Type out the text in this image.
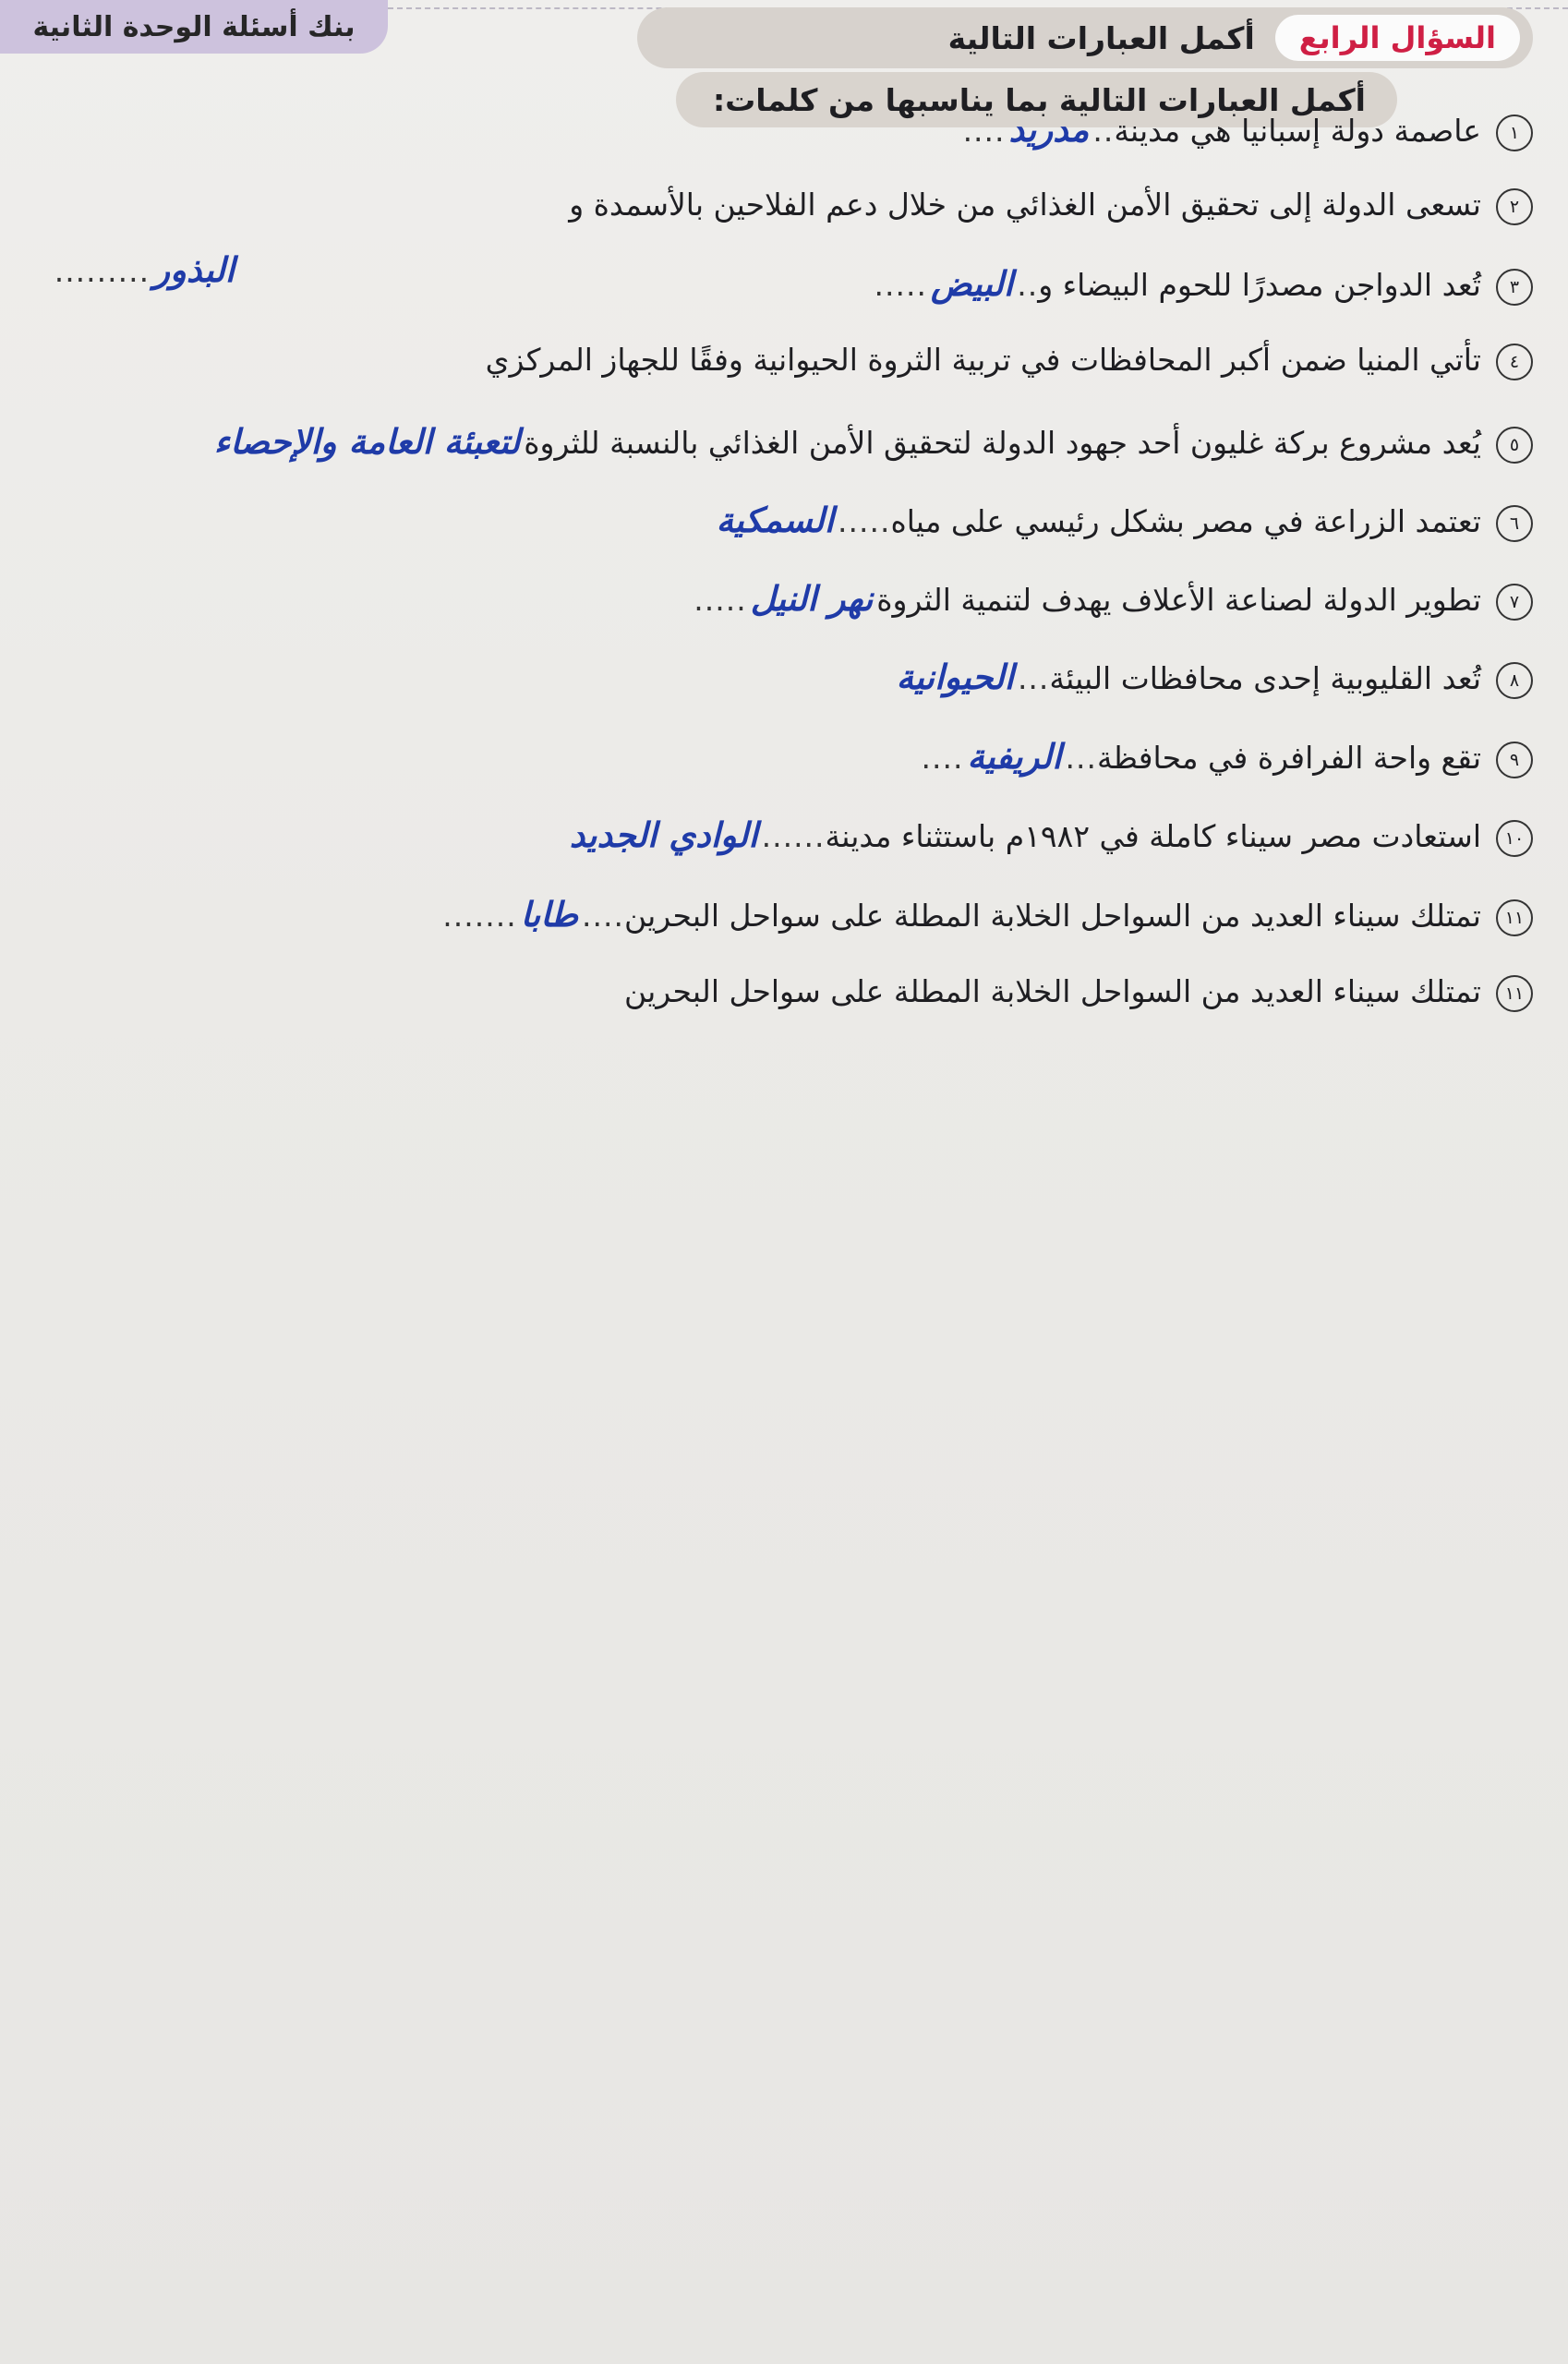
بنك أسئلة الوحدة الثانية	السؤال الرابع
أكمل العبارات التالية
أكمل العبارات التالية بما يناسبها من كلمات:
١
عاصمة دولة إسبانيا هي مدينة
..
مدريد
....
٢
تسعى الدولة إلى تحقيق الأمن الغذائي من خلال دعم الفلاحين بالأسمدة و
٣
تُعد الدواجن مصدرًا للحوم البيضاء و
..
البيض
.....
البذور
.........
٤
تأتي المنيا ضمن أكبر المحافظات في تربية الثروة الحيوانية وفقًا للجهاز المركزي
٥
يُعد مشروع بركة غليون أحد جهود الدولة لتحقيق الأمن الغذائي بالنسبة للثروة
لتعبئة العامة والإحصاء
٦
تعتمد الزراعة في مصر بشكل رئيسي على مياه
.....
السمكية
٧
تطوير الدولة لصناعة الأعلاف يهدف لتنمية الثروة
نهر النيل
.....
٨
تُعد القليوبية إحدى محافظات البيئة
...
الحيوانية
٩
تقع واحة الفرافرة في محافظة
...
الريفية
....
١٠
استعادت مصر سيناء كاملة في ١٩٨٢م باستثناء مدينة
......
الوادي الجديد
١١
تمتلك سيناء العديد من السواحل الخلابة المطلة على سواحل البحرين
....
طابا
.......
١١
تمتلك سيناء العديد من السواحل الخلابة المطلة على سواحل البحرين
